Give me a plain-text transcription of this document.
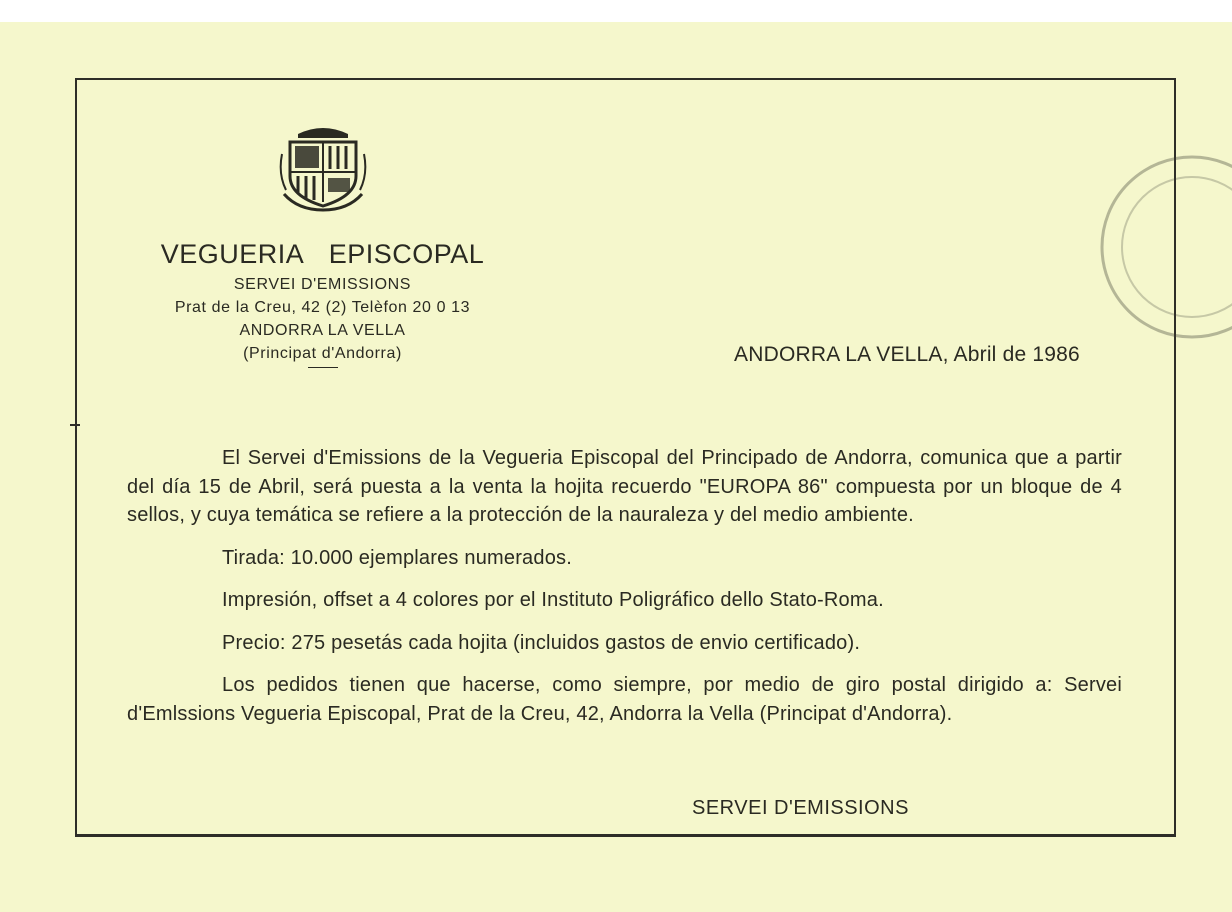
VEGUERIA EPISCOPAL
SERVEI D'EMISSIONS
Prat de la Creu, 42 (2) Telèfon 20 0 13
ANDORRA LA VELLA
(Principat d'Andorra)	ANDORRA LA VELLA, Abril de 1986

El Servei d'Emissions de la Vegueria Episcopal del Principado de Andorra, comunica que a partir del día 15 de Abril, será puesta a la venta la hojita recuerdo "EUROPA 86" compuesta por un bloque de 4 sellos, y cuya temática se refiere a la protección de la nauraleza y del medio ambiente.

Tirada: 10.000 ejemplares numerados.

Impresión, offset a 4 colores por el Instituto Poligráfico dello Stato-Roma.

Precio: 275 pesetás cada hojita (incluidos gastos de envio certificado).

Los pedidos tienen que hacerse, como siempre, por medio de giro postal dirigido a: Servei d'Emlssions Vegueria Episcopal, Prat de la Creu, 42, Andorra la Vella (Principat d'Andorra).

SERVEI D'EMISSIONS
